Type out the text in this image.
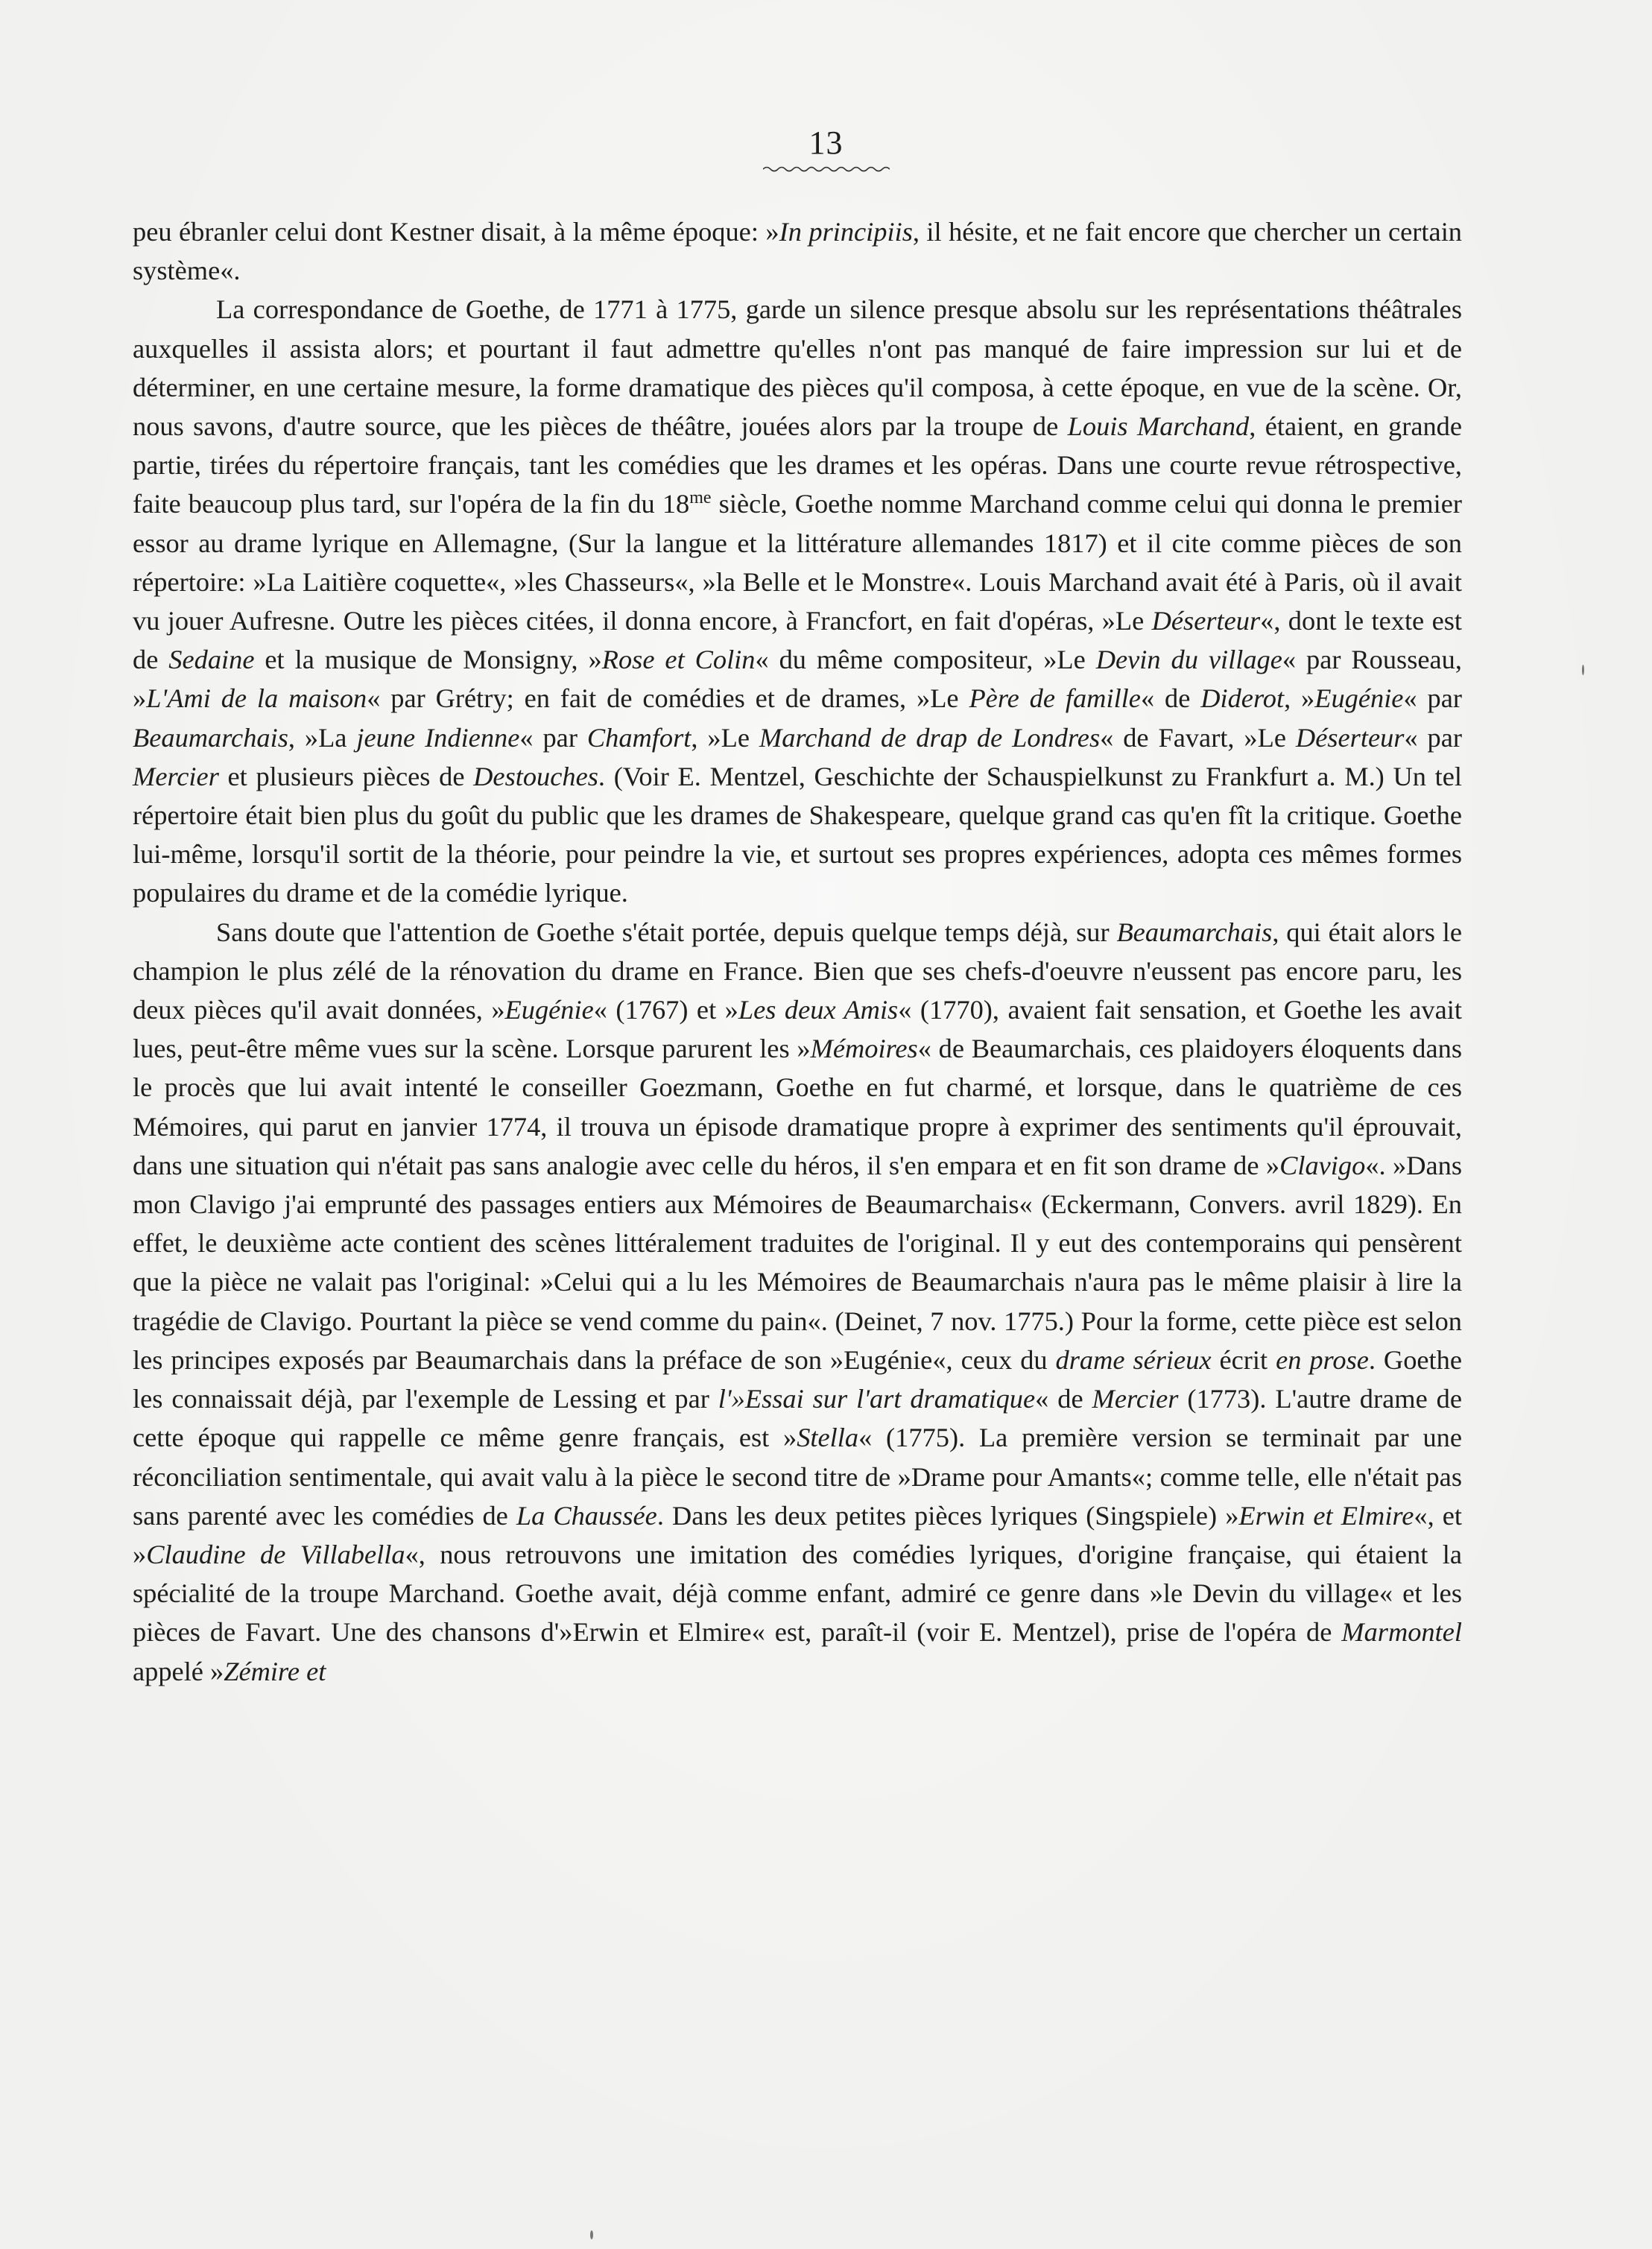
13

peu ébranler celui dont Kestner disait, à la même époque: »In principiis, il hésite, et ne fait encore que chercher un certain système«.

La correspondance de Goethe, de 1771 à 1775, garde un silence presque absolu sur les représentations théâtrales auxquelles il assista alors; et pourtant il faut admettre qu'elles n'ont pas manqué de faire impression sur lui et de déterminer, en une certaine mesure, la forme dramatique des pièces qu'il composa, à cette époque, en vue de la scène. Or, nous savons, d'autre source, que les pièces de théâtre, jouées alors par la troupe de Louis Marchand, étaient, en grande partie, tirées du répertoire français, tant les comédies que les drames et les opéras. Dans une courte revue rétrospective, faite beaucoup plus tard, sur l'opéra de la fin du $18^{me}$ siècle, Goethe nomme Marchand comme celui qui donna le premier essor au drame lyrique en Allemagne, (Sur la langue et la littérature allemandes 1817) et il cite comme pièces de son répertoire: »La Laitière coquette«, »les Chasseurs«, »la Belle et le Monstre«. Louis Marchand avait été à Paris, où il avait vu jouer Aufresne. Outre les pièces citées, il donna encore, à Francfort, en fait d'opéras, »Le Déserteur«, dont le texte est de Sedaine et la musique de Monsigny, »Rose et Colin« du même compositeur, »Le Devin du village« par Rousseau, »L'Ami de la maison« par Grétry; en fait de comédies et de drames, »Le Père de famille« de Diderot, »Eugénie« par Beaumarchais, »La jeune Indienne« par Chamfort, »Le Marchand de drap de Londres« de Favart, »Le Déserteur« par Mercier et plusieurs pièces de Destouches. (Voir E. Mentzel, Geschichte der Schauspielkunst zu Frankfurt a. M.) Un tel répertoire était bien plus du goût du public que les drames de Shakespeare, quelque grand cas qu'en fît la critique. Goethe lui-même, lorsqu'il sortit de la théorie, pour peindre la vie, et surtout ses propres expériences, adopta ces mêmes formes populaires du drame et de la comédie lyrique.

Sans doute que l'attention de Goethe s'était portée, depuis quelque temps déjà, sur Beaumarchais, qui était alors le champion le plus zélé de la rénovation du drame en France. Bien que ses chefs-d'oeuvre n'eussent pas encore paru, les deux pièces qu'il avait données, »Eugénie« (1767) et »Les deux Amis« (1770), avaient fait sensation, et Goethe les avait lues, peut-être même vues sur la scène. Lorsque parurent les »Mémoires« de Beaumarchais, ces plaidoyers éloquents dans le procès que lui avait intenté le conseiller Goezmann, Goethe en fut charmé, et lorsque, dans le quatrième de ces Mémoires, qui parut en janvier 1774, il trouva un épisode dramatique propre à exprimer des sentiments qu'il éprouvait, dans une situation qui n'était pas sans analogie avec celle du héros, il s'en empara et en fit son drame de »Clavigo«. »Dans mon Clavigo j'ai emprunté des passages entiers aux Mémoires de Beaumarchais« (Eckermann, Convers. avril 1829). En effet, le deuxième acte contient des scènes littéralement traduites de l'original. Il y eut des contemporains qui pensèrent que la pièce ne valait pas l'original: »Celui qui a lu les Mémoires de Beaumarchais n'aura pas le même plaisir à lire la tragédie de Clavigo. Pourtant la pièce se vend comme du pain«. (Deinet, 7 nov. 1775.) Pour la forme, cette pièce est selon les principes exposés par Beaumarchais dans la préface de son »Eugénie«, ceux du drame sérieux écrit en prose. Goethe les connaissait déjà, par l'exemple de Lessing et par l'»Essai sur l'art dramatique« de Mercier (1773). L'autre drame de cette époque qui rappelle ce même genre français, est »Stella« (1775). La première version se terminait par une réconciliation sentimentale, qui avait valu à la pièce le second titre de »Drame pour Amants«; comme telle, elle n'était pas sans parenté avec les comédies de La Chaussée. Dans les deux petites pièces lyriques (Singspiele) »Erwin et Elmire«, et »Claudine de Villabella«, nous retrouvons une imitation des comédies lyriques, d'origine française, qui étaient la spécialité de la troupe Marchand. Goethe avait, déjà comme enfant, admiré ce genre dans »le Devin du village« et les pièces de Favart. Une des chansons d'»Erwin et Elmire« est, paraît-il (voir E. Mentzel), prise de l'opéra de Marmontel appelé »Zémire et
